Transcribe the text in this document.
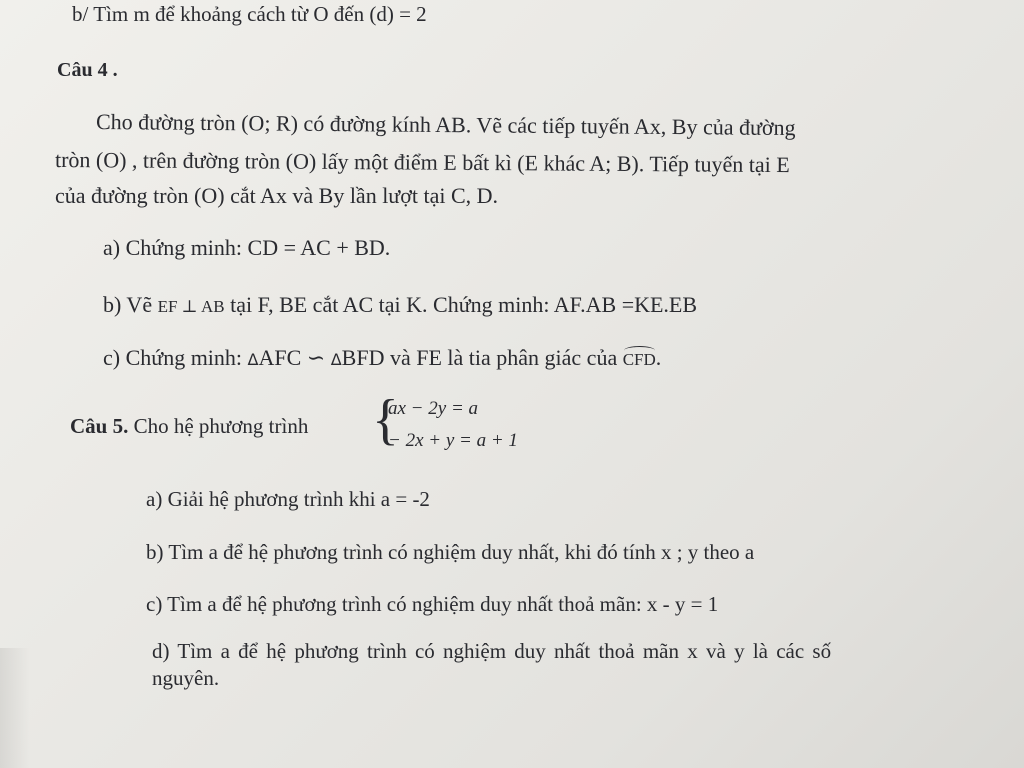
b/ Tìm m để khoảng cách từ O đến (d) = 2
Câu 4 .
Cho đường tròn (O; R) có đường kính AB. Vẽ các tiếp tuyến Ax, By của đường
tròn (O) , trên đường tròn (O) lấy một điểm E bất kì (E khác A; B). Tiếp tuyến tại E
của đường tròn (O) cắt Ax và By lần lượt tại C, D.
a) Chứng minh: CD = AC + BD.
b) Vẽ EF ⊥ AB tại F, BE cắt AC tại K. Chứng minh: AF.AB =KE.EB
c) Chứng minh: ΔAFC ∽ ΔBFD và FE là tia phân giác của CFD.
Câu 5. Cho hệ phương trình {
ax − 2y = a
− 2x + y = a + 1
a) Giải hệ phương trình khi a = -2
b) Tìm a để hệ phương trình có nghiệm duy nhất, khi đó tính x ; y theo a
c) Tìm a để hệ phương trình có nghiệm duy nhất thoả mãn: x - y = 1
d) Tìm a để hệ phương trình có nghiệm duy nhất thoả mãn x và y là các số
nguyên.
